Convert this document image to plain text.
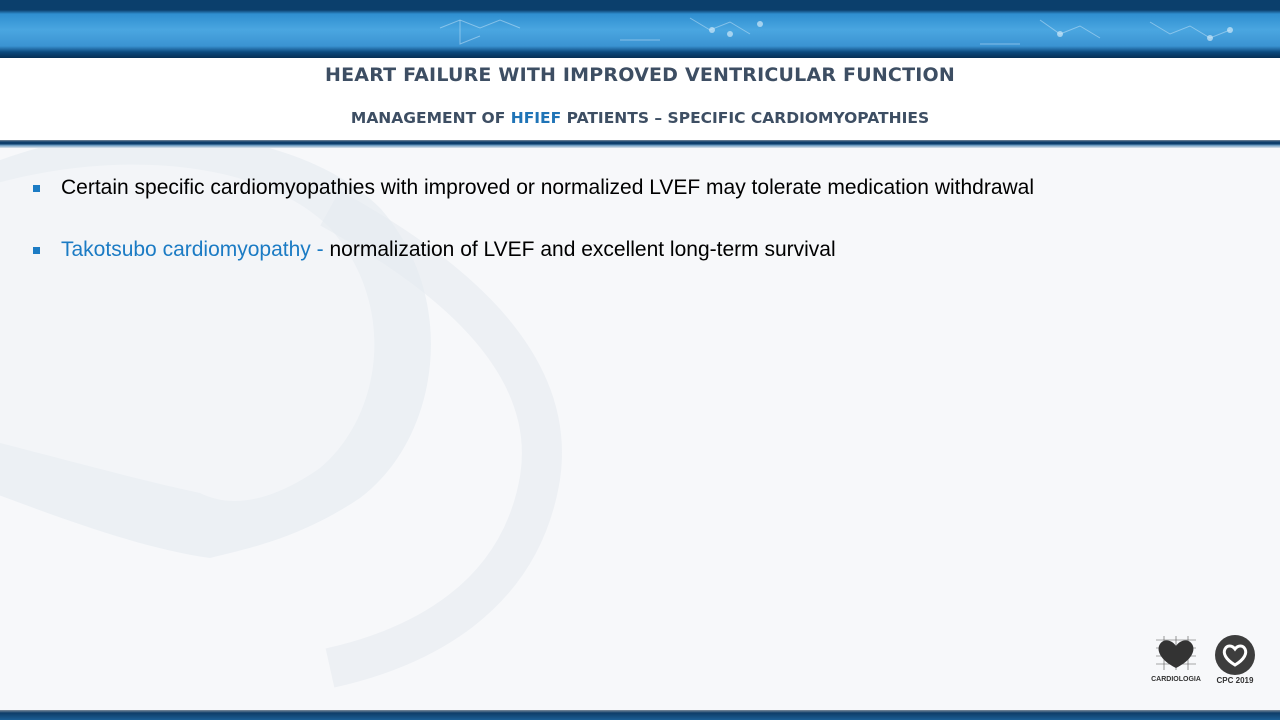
HEART FAILURE WITH IMPROVED VENTRICULAR FUNCTION
MANAGEMENT OF HFIEF PATIENTS – SPECIFIC CARDIOMYOPATHIES
Certain specific cardiomyopathies with improved or normalized LVEF may tolerate medication withdrawal
Takotsubo cardiomyopathy - normalization of LVEF and excellent long-term survival
CARDIOLOGIA	CPC 2019
